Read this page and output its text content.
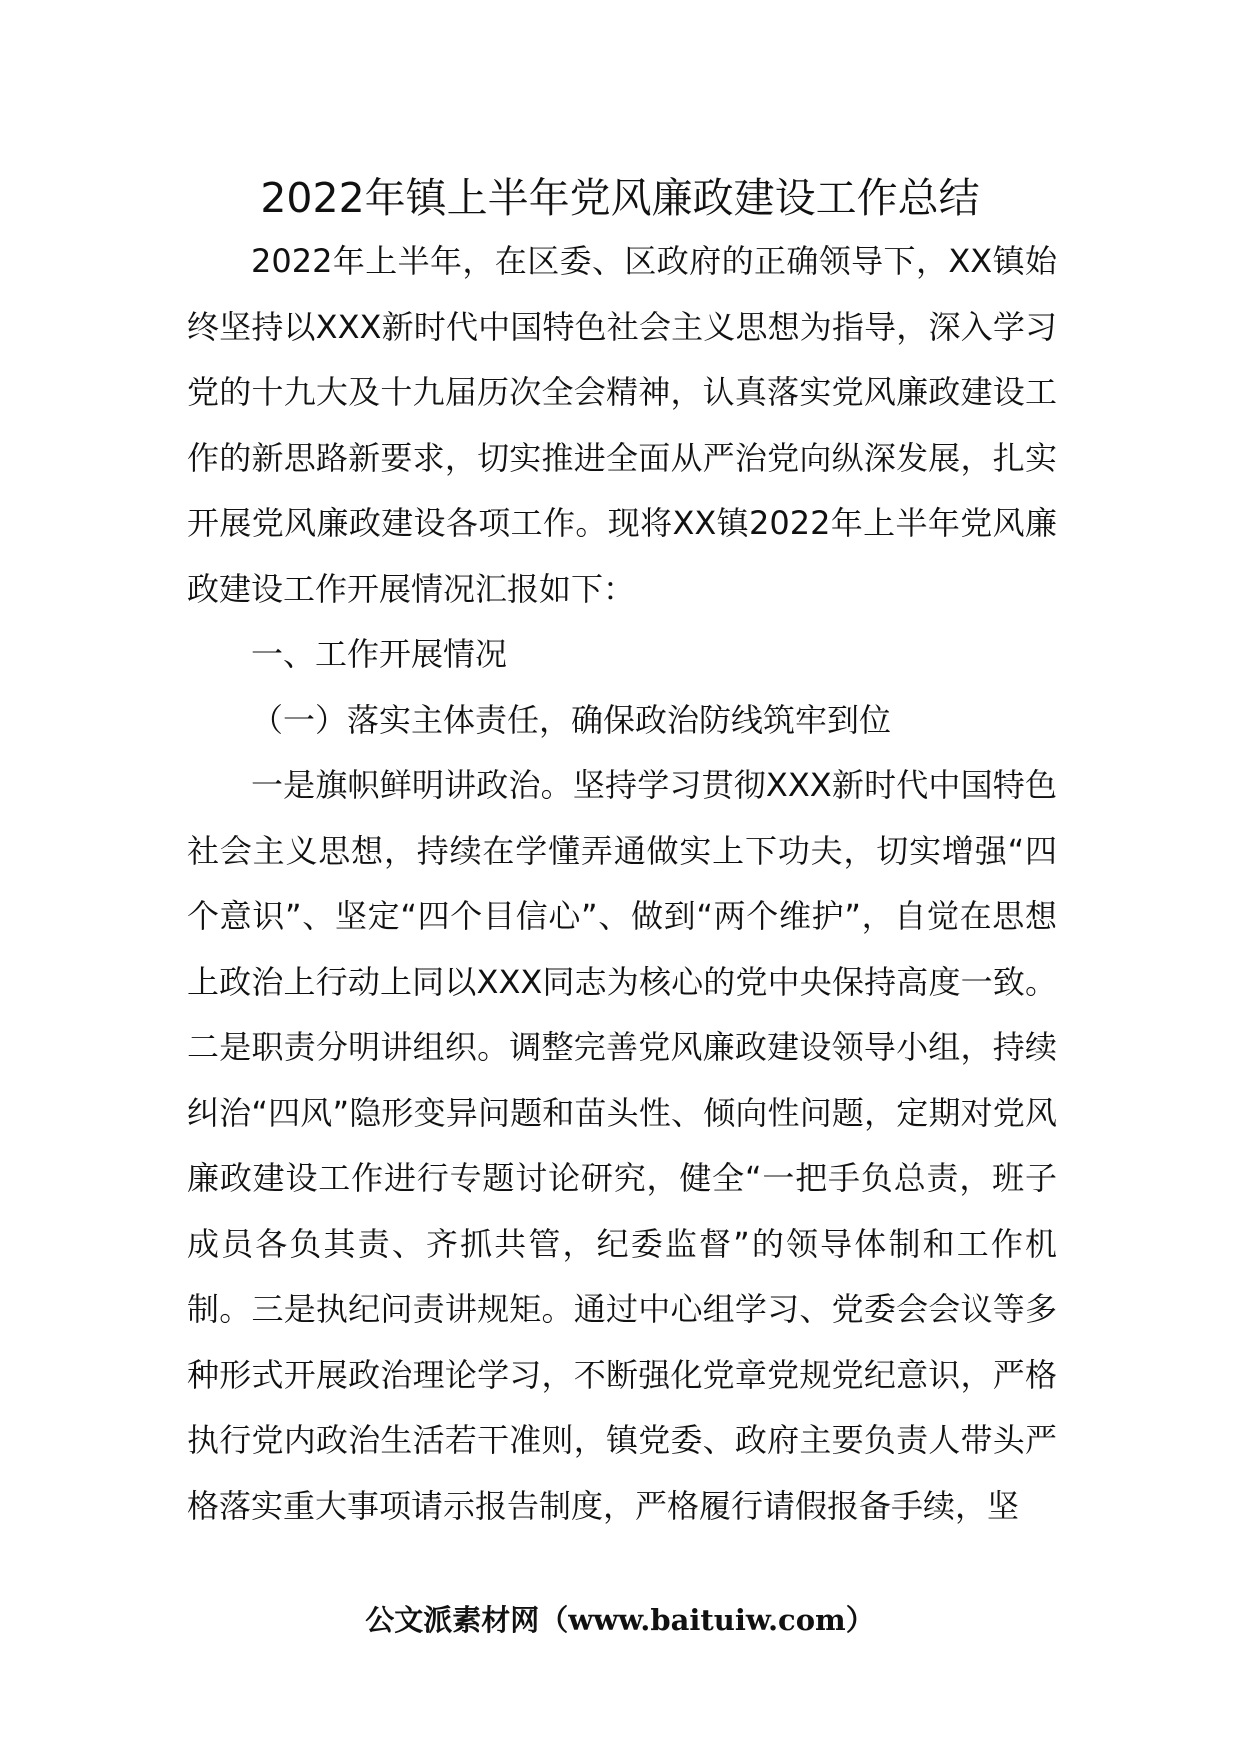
2022年镇上半年党风廉政建设工作总结

2022年上半年，在区委、区政府的正确领导下，XX镇始终坚持以XXX新时代中国特色社会主义思想为指导，深入学习党的十九大及十九届历次全会精神，认真落实党风廉政建设工作的新思路新要求，切实推进全面从严治党向纵深发展，扎实开展党风廉政建设各项工作。现将XX镇2022年上半年党风廉政建设工作开展情况汇报如下：

一、工作开展情况

（一）落实主体责任，确保政治防线筑牢到位

一是旗帜鲜明讲政治。坚持学习贯彻XXX新时代中国特色社会主义思想，持续在学懂弄通做实上下功夫，切实增强“四个意识”、坚定“四个目信心”、做到“两个维护”，自觉在思想上政治上行动上同以XXX同志为核心的党中央保持高度一致。二是职责分明讲组织。调整完善党风廉政建设领导小组，持续纠治“四风”隐形变异问题和苗头性、倾向性问题，定期对党风廉政建设工作进行专题讨论研究，健全“一把手负总责，班子成员各负其责、齐抓共管，纪委监督”的领导体制和工作机制。三是执纪问责讲规矩。通过中心组学习、党委会会议等多种形式开展政治理论学习，不断强化党章党规党纪意识，严格执行党内政治生活若干准则，镇党委、政府主要负责人带头严格落实重大事项请示报告制度，严格履行请假报备手续，坚

公文派素材网（www.baituiw.com）
